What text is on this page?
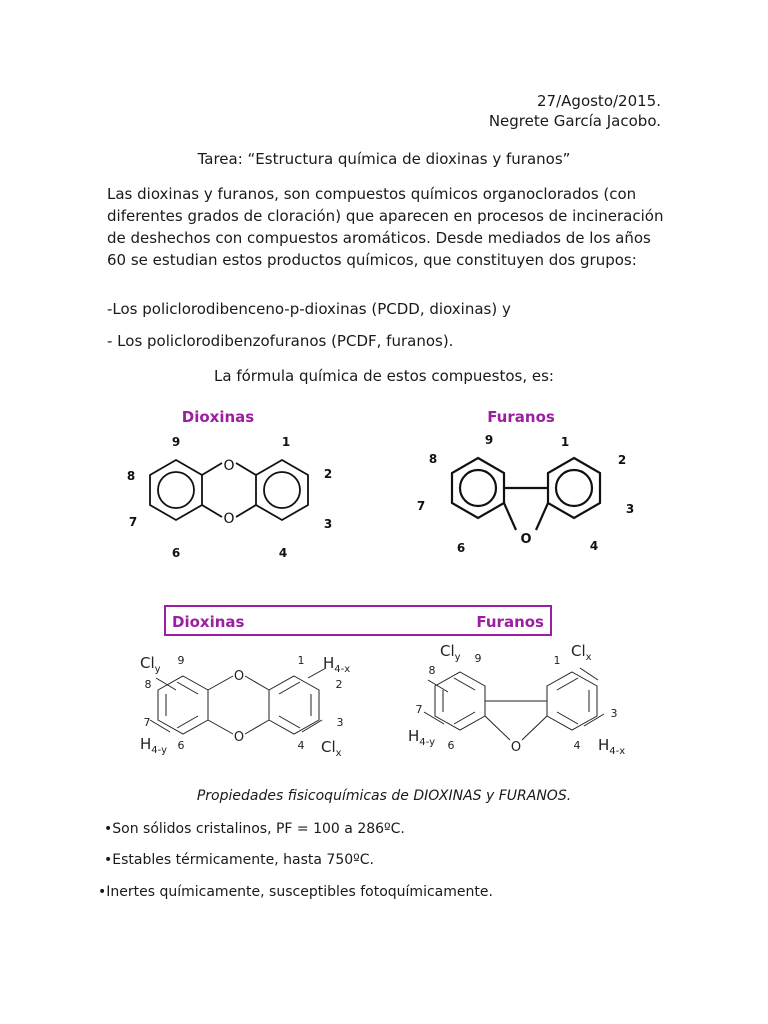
27/Agosto/2015.
Negrete García Jacobo.
Tarea: “Estructura química de dioxinas y furanos”

Las dioxinas y furanos, son compuestos químicos organoclorados (con diferentes grados de cloración) que aparecen en procesos de incineración de deshechos con compuestos aromáticos. Desde mediados de los años 60 se estudian estos productos químicos, que constituyen dos grupos:

-Los policlorodibenceno-p-dioxinas (PCDD, dioxinas) y
- Los policlorodibenzofuranos (PCDF, furanos).
La fórmula química de estos compuestos, es:
Dioxinas	Furanos
O
O
9	1
8	2
7	3
6	4
O
9	1
8	2
7	3
6	4
Dioxinas	Furanos
O
O
9	1
8	2
7	3
6	4
$Cl_y$	$H_{4-x}$
$H_{4-y}$	$Cl_x$	O
8
9	1
7	3
6	4
$Cl_y$	$Cl_x$
$H_{4-y}$	$H_{4-x}$
Propiedades fisicoquímicas de DIOXINAS y FURANOS.
•Son sólidos cristalinos, PF = 100 a 286ºC.
•Estables térmicamente, hasta 750ºC.
•Inertes químicamente, susceptibles fotoquímicamente.
